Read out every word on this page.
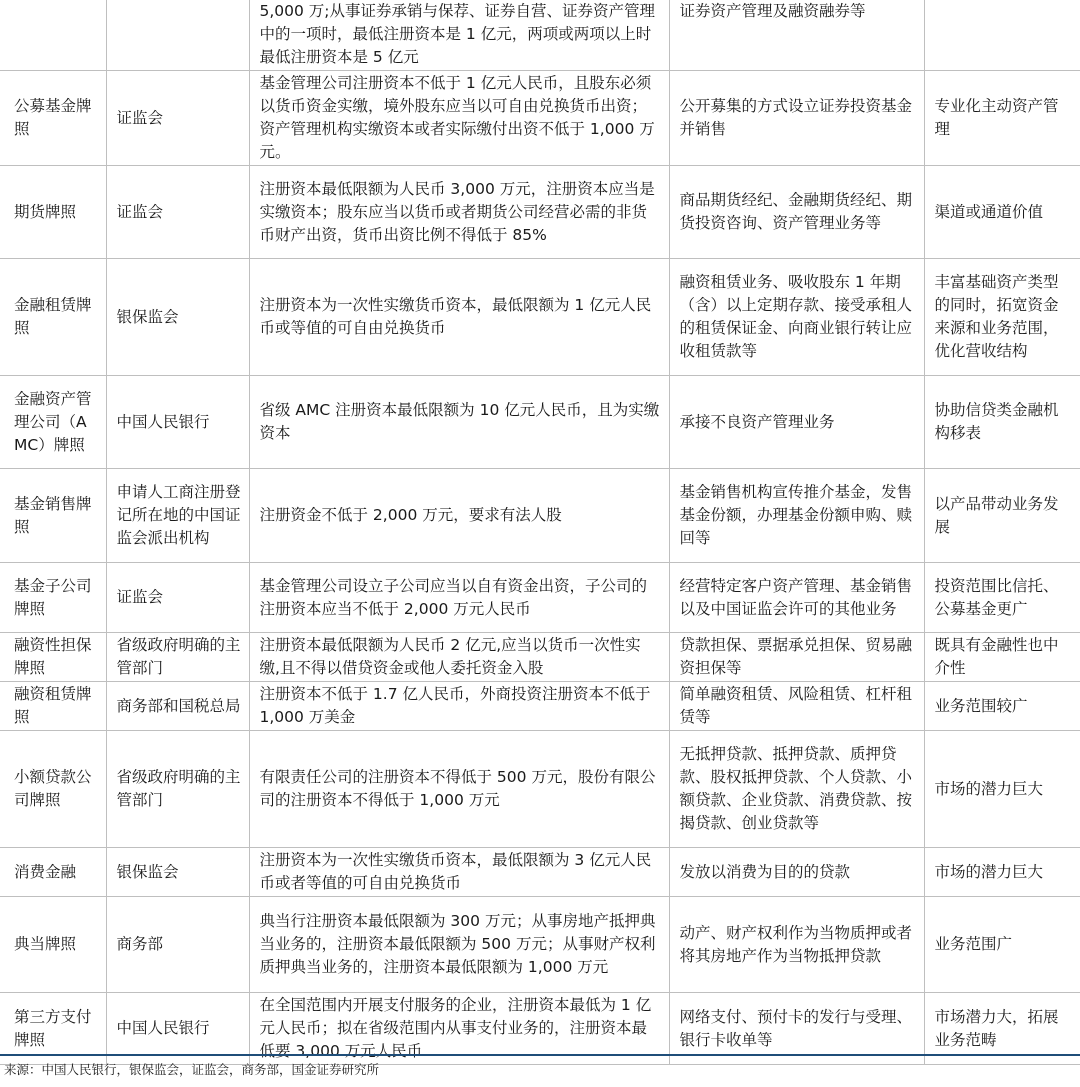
		5,000 万;从事证券承销与保荐、证券自营、证券资产管理中的一项时，最低注册资本是 1 亿元，两项或两项以上时最低注册资本是 5 亿元	证券资产管理及融资融券等	
公募基金牌照	证监会	基金管理公司注册资本不低于 1 亿元人民币，且股东必须以货币资金实缴，境外股东应当以可自由兑换货币出资；资产管理机构实缴资本或者实际缴付出资不低于 1,000 万元。	公开募集的方式设立证券投资基金并销售	专业化主动资产管理
期货牌照	证监会	注册资本最低限额为人民币 3,000 万元，注册资本应当是实缴资本；股东应当以货币或者期货公司经营必需的非货币财产出资，货币出资比例不得低于 85%	商品期货经纪、金融期货经纪、期货投资咨询、资产管理业务等	渠道或通道价值
金融租赁牌照	银保监会	注册资本为一次性实缴货币资本，最低限额为 1 亿元人民币或等值的可自由兑换货币	融资租赁业务、吸收股东 1 年期（含）以上定期存款、接受承租人的租赁保证金、向商业银行转让应收租赁款等	丰富基础资产类型的同时，拓宽资金来源和业务范围，优化营收结构
金融资产管理公司（AMC）牌照	中国人民银行	省级 AMC 注册资本最低限额为 10 亿元人民币，且为实缴资本	承接不良资产管理业务	协助信贷类金融机构移表
基金销售牌照	申请人工商注册登记所在地的中国证监会派出机构	注册资金不低于 2,000 万元，要求有法人股	基金销售机构宣传推介基金，发售基金份额，办理基金份额申购、赎回等	以产品带动业务发展
基金子公司牌照	证监会	基金管理公司设立子公司应当以自有资金出资，子公司的注册资本应当不低于 2,000 万元人民币	经营特定客户资产管理、基金销售以及中国证监会许可的其他业务	投资范围比信托、公募基金更广
融资性担保牌照	省级政府明确的主管部门	注册资本最低限额为人民币 2 亿元,应当以货币一次性实缴,且不得以借贷资金或他人委托资金入股	贷款担保、票据承兑担保、贸易融资担保等	既具有金融性也中介性
融资租赁牌照	商务部和国税总局	注册资本不低于 1.7 亿人民币，外商投资注册资本不低于 1,000 万美金	简单融资租赁、风险租赁、杠杆租赁等	业务范围较广
小额贷款公司牌照	省级政府明确的主管部门	有限责任公司的注册资本不得低于 500 万元，股份有限公司的注册资本不得低于 1,000 万元	无抵押贷款、抵押贷款、质押贷款、股权抵押贷款、个人贷款、小额贷款、企业贷款、消费贷款、按揭贷款、创业贷款等	市场的潜力巨大
消费金融	银保监会	注册资本为一次性实缴货币资本，最低限额为 3 亿元人民币或者等值的可自由兑换货币	发放以消费为目的的贷款	市场的潜力巨大
典当牌照	商务部	典当行注册资本最低限额为 300 万元；从事房地产抵押典当业务的，注册资本最低限额为 500 万元；从事财产权利质押典当业务的，注册资本最低限额为 1,000 万元	动产、财产权利作为当物质押或者将其房地产作为当物抵押贷款	业务范围广
第三方支付牌照	中国人民银行	在全国范围内开展支付服务的企业，注册资本最低为 1 亿元人民币；拟在省级范围内从事支付业务的，注册资本最低要 3,000 万元人民币	网络支付、预付卡的发行与受理、银行卡收单等	市场潜力大，拓展业务范畴
来源：中国人民银行，银保监会，证监会，商务部，国金证券研究所
